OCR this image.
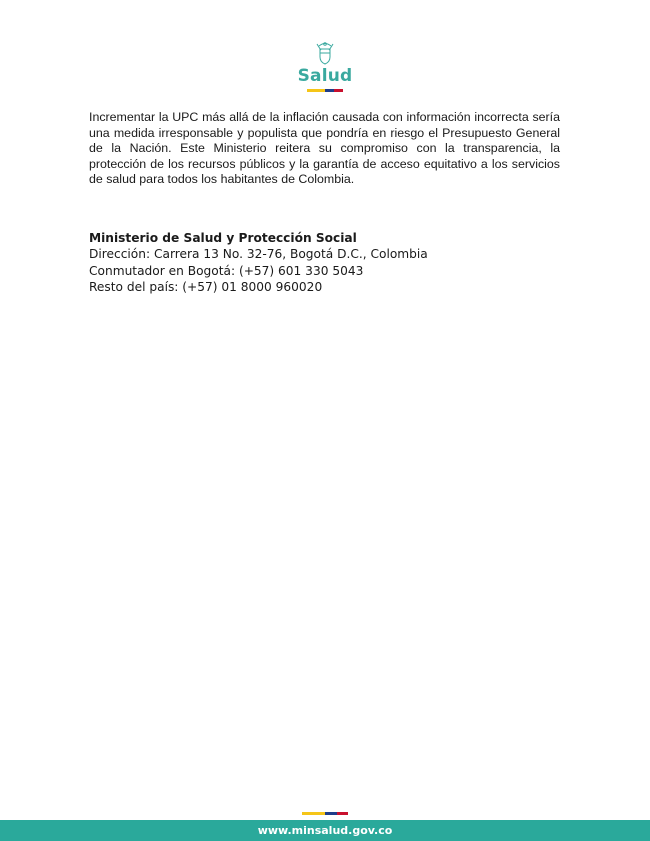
Salud

Incrementar la UPC más allá de la inflación causada con información incorrecta sería una medida irresponsable y populista que pondría en riesgo el Presupuesto General de la Nación. Este Ministerio reitera su compromiso con la transparencia, la protección de los recursos públicos y la garantía de acceso equitativo a los servicios de salud para todos los habitantes de Colombia.

Ministerio de Salud y Protección Social

Dirección: Carrera 13 No. 32-76, Bogotá D.C., Colombia

Conmutador en Bogotá: (+57) 601 330 5043

Resto del país: (+57) 01 8000 960020

www.minsalud.gov.co
